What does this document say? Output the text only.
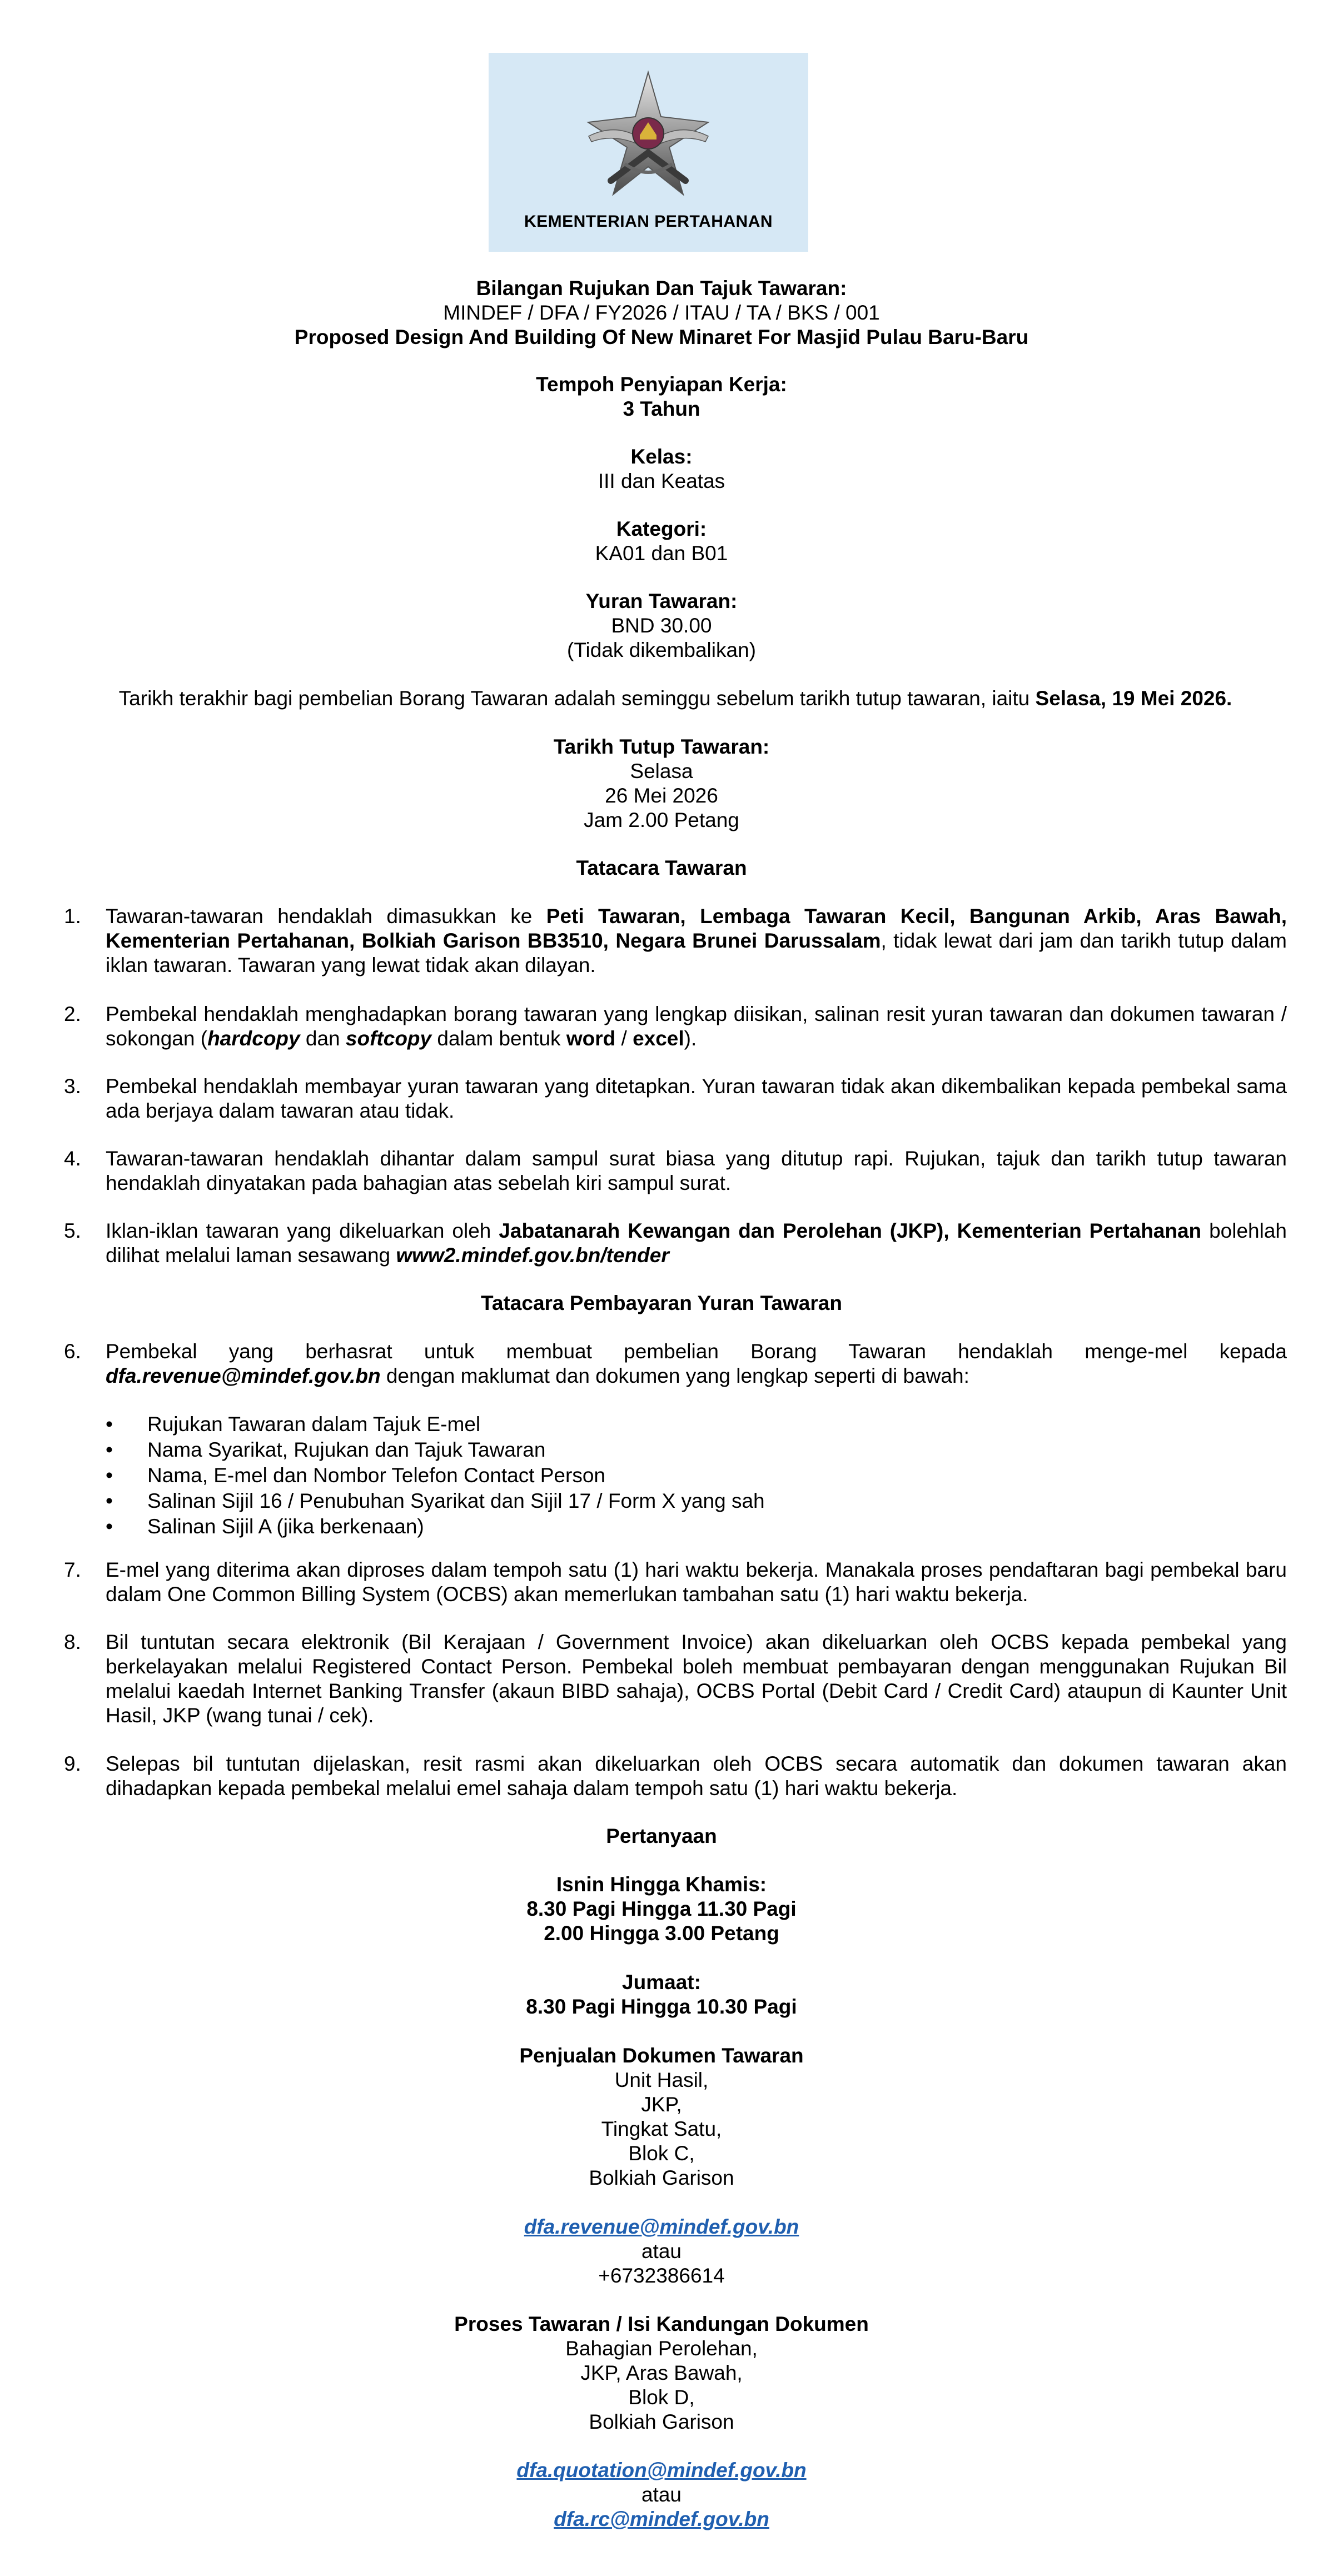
KEMENTERIAN PERTAHANAN
Bilangan Rujukan Dan Tajuk Tawaran:
MINDEF / DFA / FY2026 / ITAU / TA / BKS / 001
Proposed Design And Building Of New Minaret For Masjid Pulau Baru-Baru
Tempoh Penyiapan Kerja:
3 Tahun
Kelas:
III dan Keatas
Kategori:
KA01 dan B01
Yuran Tawaran:
BND 30.00
(Tidak dikembalikan)
Tarikh terakhir bagi pembelian Borang Tawaran adalah seminggu sebelum tarikh tutup tawaran, iaitu Selasa, 19 Mei 2026.
Tarikh Tutup Tawaran:
Selasa
26 Mei 2026
Jam 2.00 Petang
Tatacara Tawaran
1. Tawaran-tawaran hendaklah dimasukkan ke Peti Tawaran, Lembaga Tawaran Kecil, Bangunan Arkib, Aras Bawah, Kementerian Pertahanan, Bolkiah Garison BB3510, Negara Brunei Darussalam, tidak lewat dari jam dan tarikh tutup dalam iklan tawaran. Tawaran yang lewat tidak akan dilayan.
2. Pembekal hendaklah menghadapkan borang tawaran yang lengkap diisikan, salinan resit yuran tawaran dan dokumen tawaran / sokongan (hardcopy dan softcopy dalam bentuk word / excel).
3. Pembekal hendaklah membayar yuran tawaran yang ditetapkan. Yuran tawaran tidak akan dikembalikan kepada pembekal sama ada berjaya dalam tawaran atau tidak.
4. Tawaran-tawaran hendaklah dihantar dalam sampul surat biasa yang ditutup rapi. Rujukan, tajuk dan tarikh tutup tawaran hendaklah dinyatakan pada bahagian atas sebelah kiri sampul surat.
5. Iklan-iklan tawaran yang dikeluarkan oleh Jabatanarah Kewangan dan Perolehan (JKP), Kementerian Pertahanan bolehlah dilihat melalui laman sesawang www2.mindef.gov.bn/tender
Tatacara Pembayaran Yuran Tawaran
6. Pembekal yang berhasrat untuk membuat pembelian Borang Tawaran hendaklah menge-mel kepada dfa.revenue@mindef.gov.bn dengan maklumat dan dokumen yang lengkap seperti di bawah:
• Rujukan Tawaran dalam Tajuk E-mel
• Nama Syarikat, Rujukan dan Tajuk Tawaran
• Nama, E-mel dan Nombor Telefon Contact Person
• Salinan Sijil 16 / Penubuhan Syarikat dan Sijil 17 / Form X yang sah
• Salinan Sijil A (jika berkenaan)
7. E-mel yang diterima akan diproses dalam tempoh satu (1) hari waktu bekerja. Manakala proses pendaftaran bagi pembekal baru dalam One Common Billing System (OCBS) akan memerlukan tambahan satu (1) hari waktu bekerja.
8. Bil tuntutan secara elektronik (Bil Kerajaan / Government Invoice) akan dikeluarkan oleh OCBS kepada pembekal yang berkelayakan melalui Registered Contact Person. Pembekal boleh membuat pembayaran dengan menggunakan Rujukan Bil melalui kaedah Internet Banking Transfer (akaun BIBD sahaja), OCBS Portal (Debit Card / Credit Card) ataupun di Kaunter Unit Hasil, JKP (wang tunai / cek).
9. Selepas bil tuntutan dijelaskan, resit rasmi akan dikeluarkan oleh OCBS secara automatik dan dokumen tawaran akan dihadapkan kepada pembekal melalui emel sahaja dalam tempoh satu (1) hari waktu bekerja.
Pertanyaan
Isnin Hingga Khamis:
8.30 Pagi Hingga 11.30 Pagi
2.00 Hingga 3.00 Petang
Jumaat:
8.30 Pagi Hingga 10.30 Pagi
Penjualan Dokumen Tawaran
Unit Hasil,
JKP,
Tingkat Satu,
Blok C,
Bolkiah Garison
dfa.revenue@mindef.gov.bn
atau
+6732386614
Proses Tawaran / Isi Kandungan Dokumen
Bahagian Perolehan,
JKP, Aras Bawah,
Blok D,
Bolkiah Garison
dfa.quotation@mindef.gov.bn
atau
dfa.rc@mindef.gov.bn
